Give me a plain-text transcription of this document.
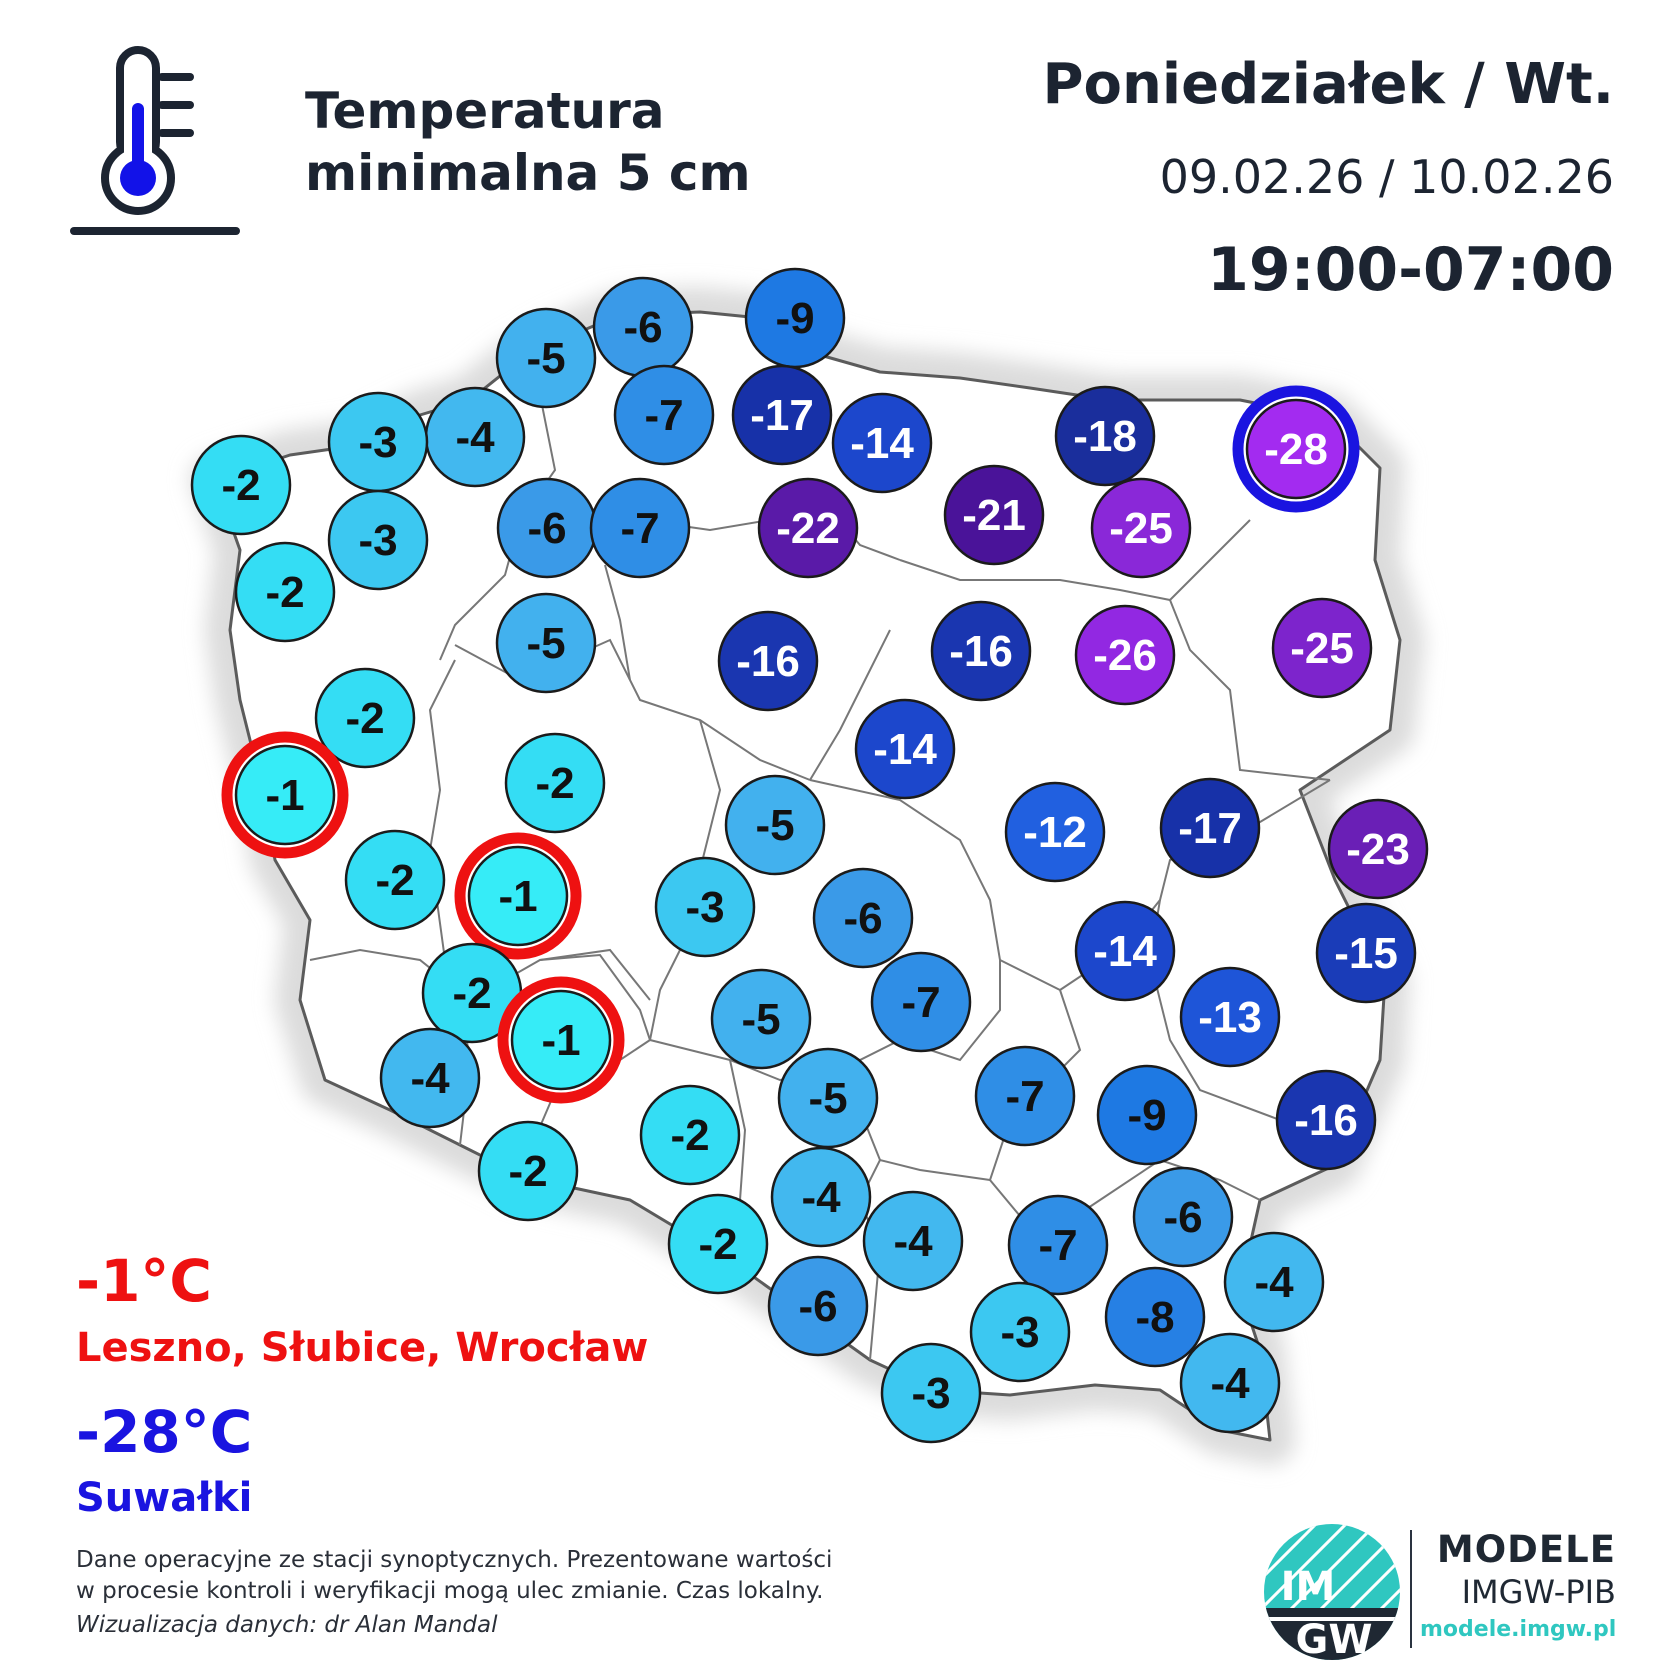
Temperatura
minimalna 5 cm
Poniedziałek / Wt.
09.02.26 / 10.02.26
19:00-07:00
-9
-6
-5
-7 -17
-14
-4
-3
-2
-3	-6 -7	-22	-21
-18
-25
-28
-2
-5	-16	-16 -26	-25
-2
-1	-2
-14
-5	-12 -17 -23
-2 -1	-3	-6
-14	-15
-2
-1	-5	-7	-13
-4	-5	-7 -9	-16
-2
-2
-4	-6
-2	-4 -7
-6
-3 -8
-4
-3	-4
-1°C
Leszno, Słubice, Wrocław
-28°C
Suwałki
Dane operacyjne ze stacji synoptycznych. Prezentowane wartości
w procesie kontroli i weryfikacji mogą ulec zmianie. Czas lokalny.
Wizualizacja danych: dr Alan Mandal
IM
GW
MODELE
IMGW-PIB
modele.imgw.pl
